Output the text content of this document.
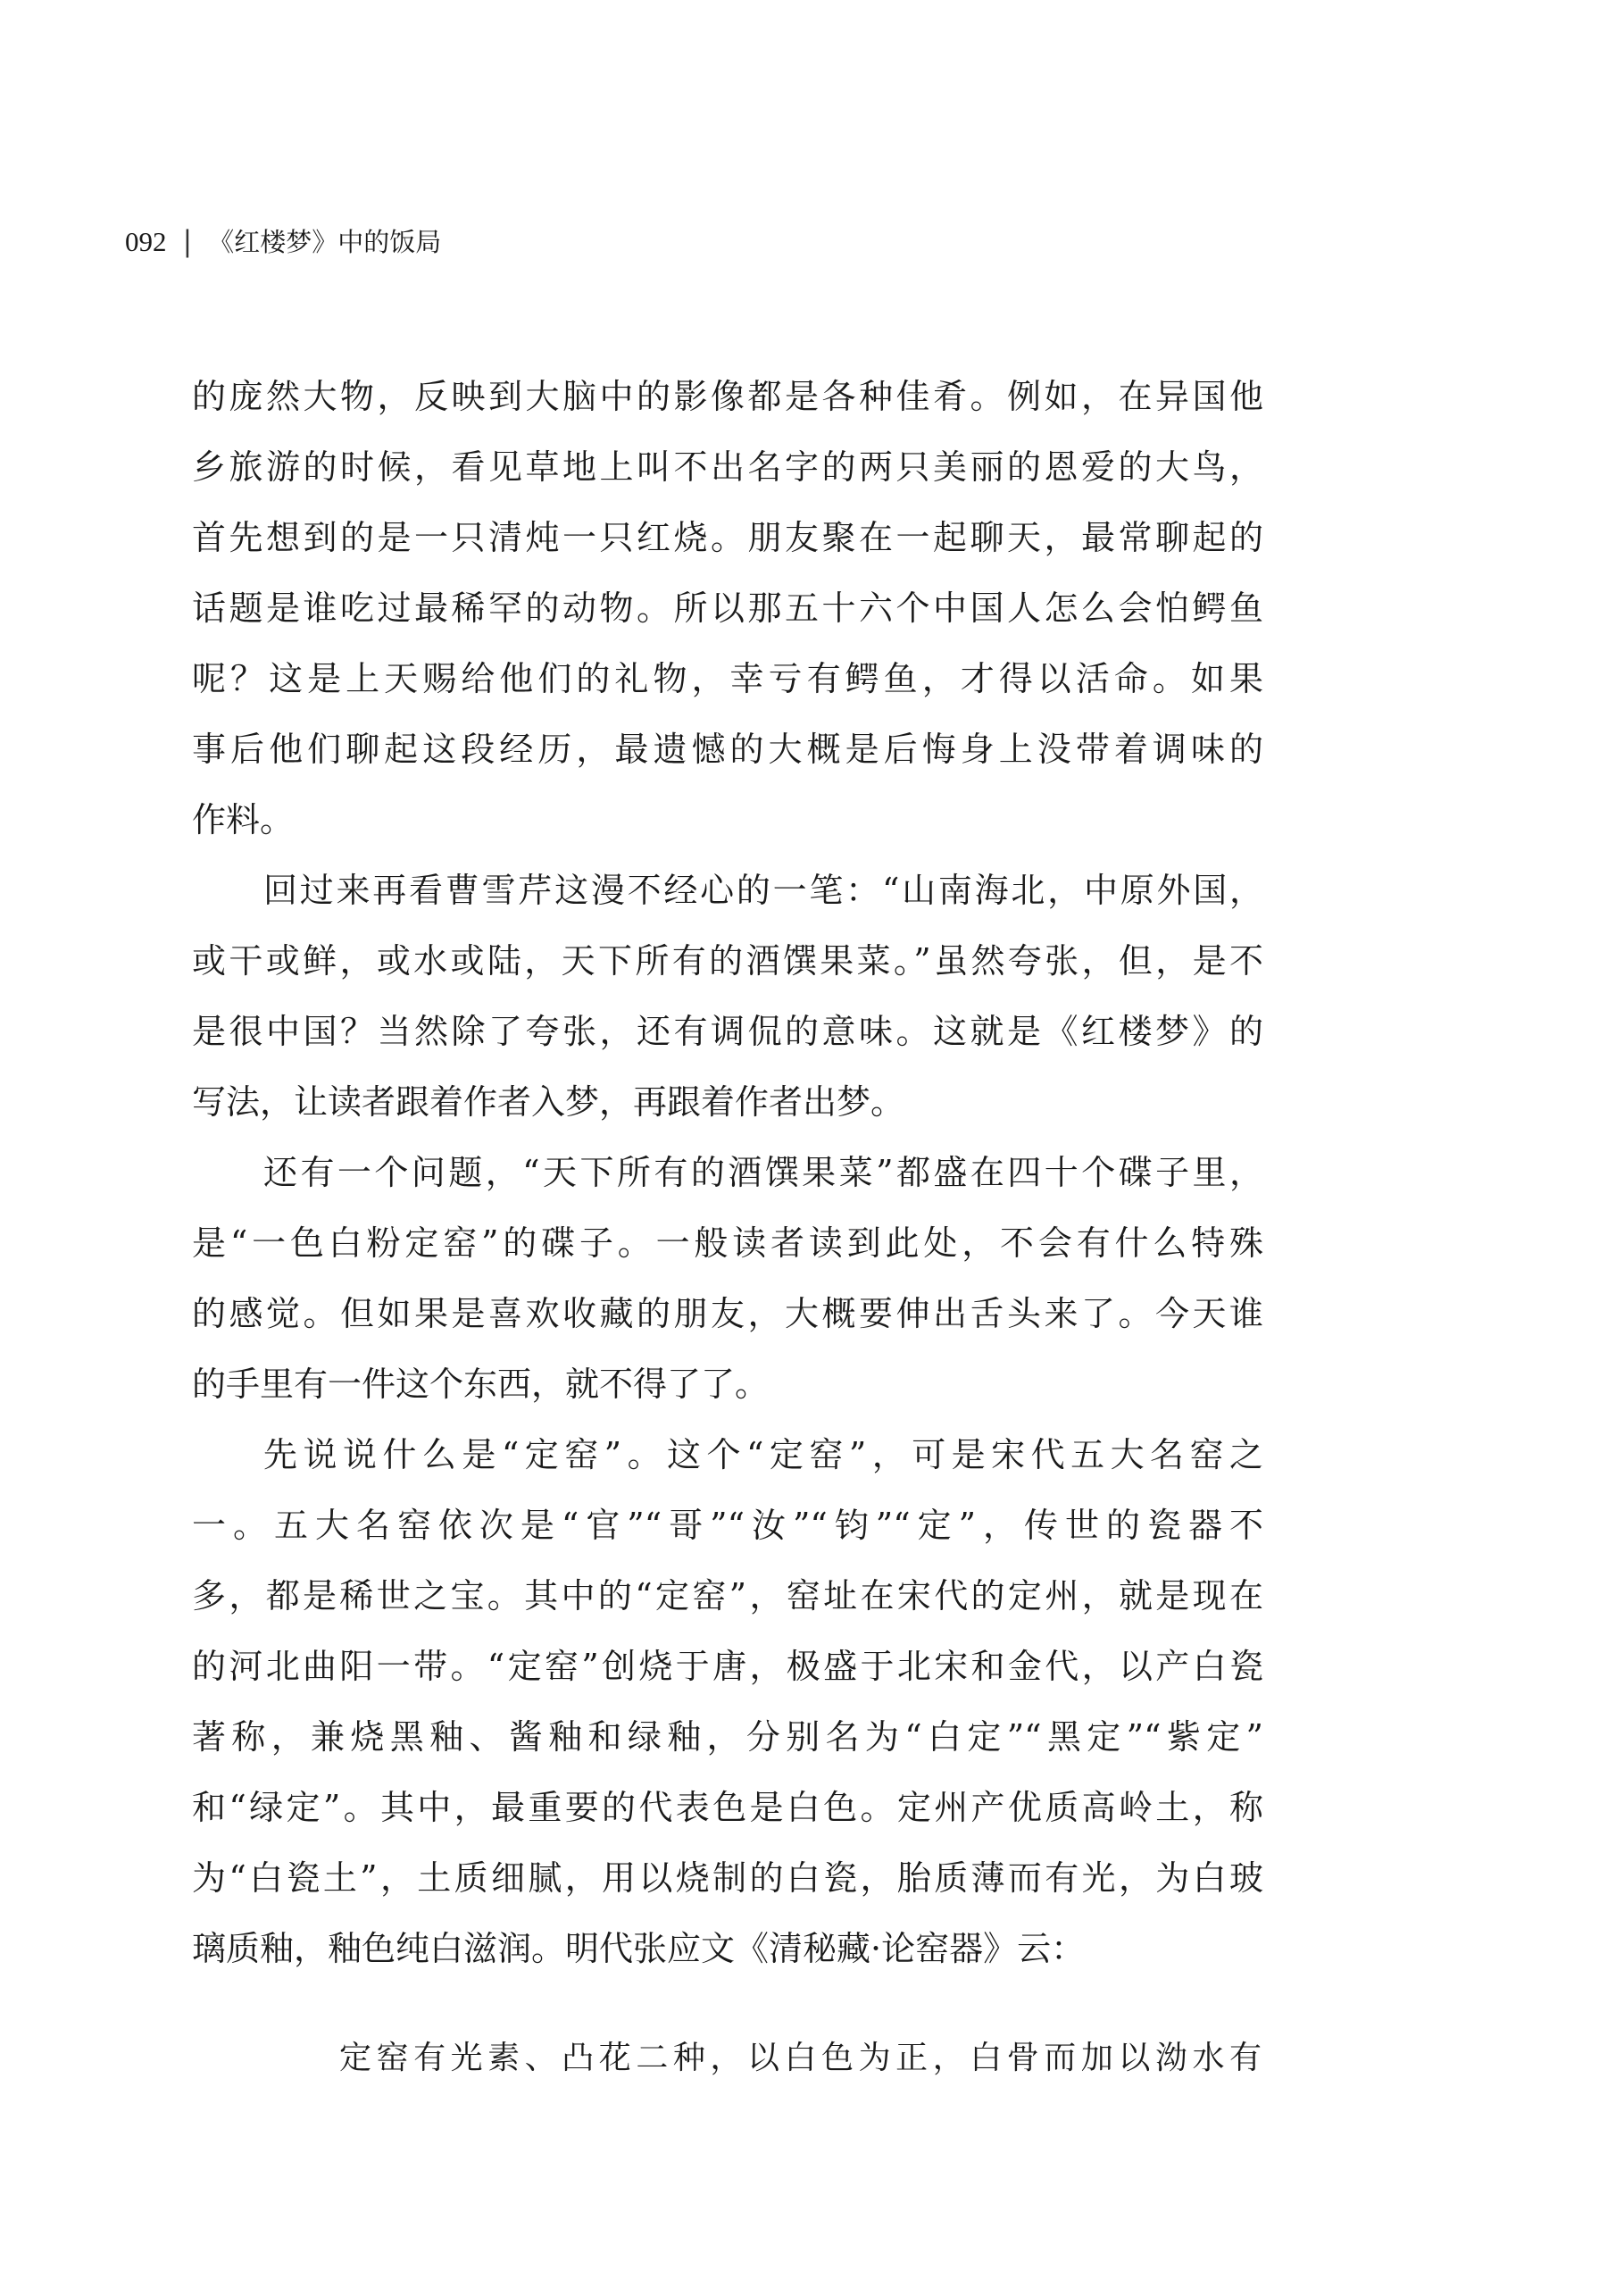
092 | 《红楼梦》中的饭局
的庞然大物，反映到大脑中的影像都是各种佳肴。例如，在异国他
乡旅游的时候，看见草地上叫不出名字的两只美丽的恩爱的大鸟，
首先想到的是一只清炖一只红烧。朋友聚在一起聊天，最常聊起的
话题是谁吃过最稀罕的动物。所以那五十六个中国人怎么会怕鳄鱼
呢？这是上天赐给他们的礼物，幸亏有鳄鱼，才得以活命。如果
事后他们聊起这段经历，最遗憾的大概是后悔身上没带着调味的
作料。
回过来再看曹雪芹这漫不经心的一笔：“山南海北，中原外国，
或干或鲜，或水或陆，天下所有的酒馔果菜。”虽然夸张，但，是不
是很中国？当然除了夸张，还有调侃的意味。这就是《红楼梦》的
写法，让读者跟着作者入梦，再跟着作者出梦。
还有一个问题，“天下所有的酒馔果菜”都盛在四十个碟子里，
是“一色白粉定窑”的碟子。一般读者读到此处，不会有什么特殊
的感觉。但如果是喜欢收藏的朋友，大概要伸出舌头来了。今天谁
的手里有一件这个东西，就不得了了。
先说说什么是“定窑”。这个“定窑”，可是宋代五大名窑之
一。五大名窑依次是“官”“哥”“汝”“钧”“定”，传世的瓷器不
多，都是稀世之宝。其中的“定窑”，窑址在宋代的定州，就是现在
的河北曲阳一带。“定窑”创烧于唐，极盛于北宋和金代，以产白瓷
著称，兼烧黑釉、酱釉和绿釉，分别名为“白定”“黑定”“紫定”
和“绿定”。其中，最重要的代表色是白色。定州产优质高岭土，称
为“白瓷土”，土质细腻，用以烧制的白瓷，胎质薄而有光，为白玻
璃质釉，釉色纯白滋润。明代张应文《清秘藏·论窑器》云：
定窑有光素、凸花二种，以白色为正，白骨而加以泑水有
